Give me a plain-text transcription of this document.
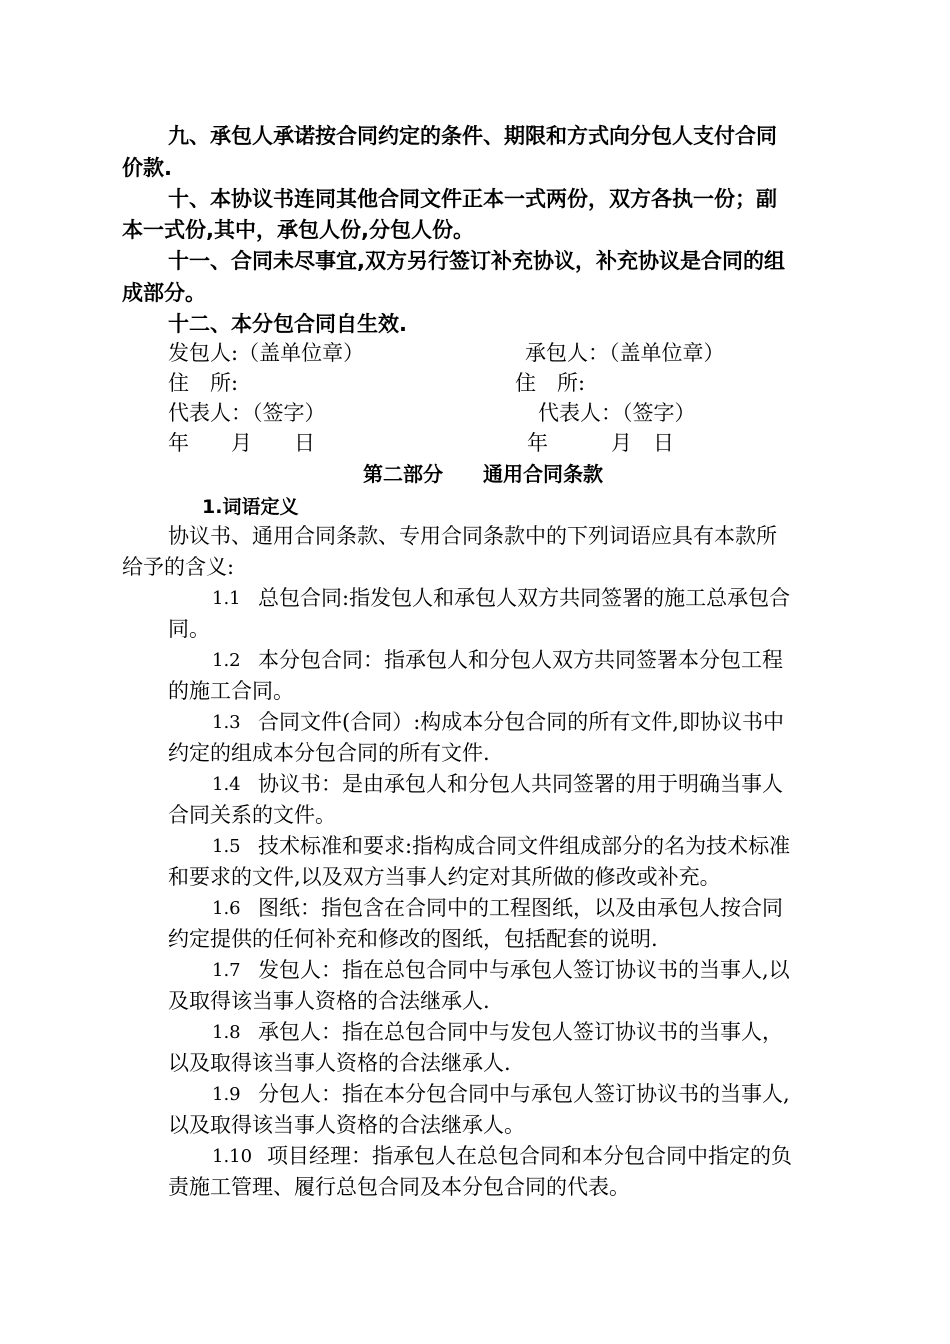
九、承包人承诺按合同约定的条件、期限和方式向分包人支付合同
价款.
十、本协议书连同其他合同文件正本一式两份，双方各执一份；副
本一式份,其中，承包人份,分包人份。
十一、合同未尽事宜,双方另行签订补充协议，补充协议是合同的组
成部分。
十二、本分包合同自生效.
发包人:（盖单位章）	承包人：（盖单位章）
住　所:	住　所:
代表人：（签字）	代表人：（签字）
年　　月　　日	年　　　月　日
第二部分　　通用合同条款
1.词语定义
协议书、通用合同条款、专用合同条款中的下列词语应具有本款所
给予的含义:
1.1 总包合同:指发包人和承包人双方共同签署的施工总承包合
同。
1.2 本分包合同：指承包人和分包人双方共同签署本分包工程
的施工合同。
1.3 合同文件(合同）:构成本分包合同的所有文件,即协议书中
约定的组成本分包合同的所有文件.
1.4 协议书：是由承包人和分包人共同签署的用于明确当事人
合同关系的文件。
1.5 技术标准和要求:指构成合同文件组成部分的名为技术标准
和要求的文件,以及双方当事人约定对其所做的修改或补充。
1.6 图纸：指包含在合同中的工程图纸，以及由承包人按合同
约定提供的任何补充和修改的图纸，包括配套的说明.
1.7 发包人：指在总包合同中与承包人签订协议书的当事人,以
及取得该当事人资格的合法继承人.
1.8 承包人：指在总包合同中与发包人签订协议书的当事人，
以及取得该当事人资格的合法继承人.
1.9 分包人：指在本分包合同中与承包人签订协议书的当事人,
以及取得该当事人资格的合法继承人。
1.10 项目经理：指承包人在总包合同和本分包合同中指定的负
责施工管理、履行总包合同及本分包合同的代表。
